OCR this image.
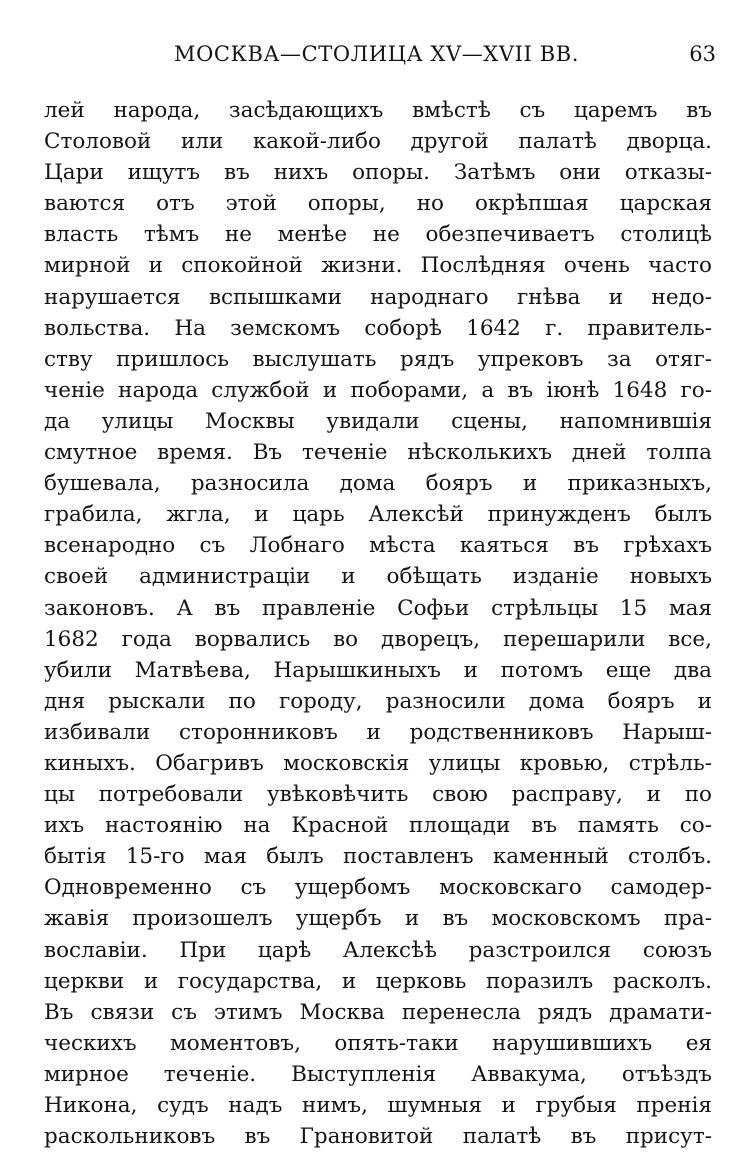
МОСКВА—СТОЛИЦА XV—XVII ВВ.	63
лей народа, засѣдающихъ вмѣстѣ съ царемъ въ
Столовой или какой-либо другой палатѣ дворца.
Цари ищутъ въ нихъ опоры. Затѣмъ они отказы-
ваются отъ этой опоры, но окрѣпшая царская
власть тѣмъ не менѣе не обезпечиваетъ столицѣ
мирной и спокойной жизни. Послѣдняя очень часто
нарушается вспышками народнаго гнѣва и недо-
вольства. На земскомъ соборѣ 1642 г. правитель-
ству пришлось выслушать рядъ упрековъ за отяг-
ченіе народа службой и поборами, а въ іюнѣ 1648 го-
да улицы Москвы увидали сцены, напомнившія
смутное время. Въ теченіе нѣсколькихъ дней толпа
бушевала, разносила дома бояръ и приказныхъ,
грабила, жгла, и царь Алексѣй принужденъ былъ
всенародно съ Лобнаго мѣста каяться въ грѣхахъ
своей администраціи и обѣщать изданіе новыхъ
законовъ. А въ правленіе Софьи стрѣльцы 15 мая
1682 года ворвались во дворецъ, перешарили все,
убили Матвѣева, Нарышкиныхъ и потомъ еще два
дня рыскали по городу, разносили дома бояръ и
избивали сторонниковъ и родственниковъ Нарыш-
киныхъ. Обагривъ московскія улицы кровью, стрѣль-
цы потребовали увѣковѣчить свою расправу, и по
ихъ настоянію на Красной площади въ память со-
бытія 15-го мая былъ поставленъ каменный столбъ.
Одновременно съ ущербомъ московскаго самодер-
жавія произошелъ ущербъ и въ московскомъ пра-
вославіи. При царѣ Алексѣѣ разстроился союзъ
церкви и государства, и церковь поразилъ расколъ.
Въ связи съ этимъ Москва перенесла рядъ драмати-
ческихъ моментовъ, опять-таки нарушившихъ ея
мирное теченіе. Выступленія Аввакума, отъѣздъ
Никона, судъ надъ нимъ, шумныя и грубыя пренія
раскольниковъ въ Грановитой палатѣ въ присут-
